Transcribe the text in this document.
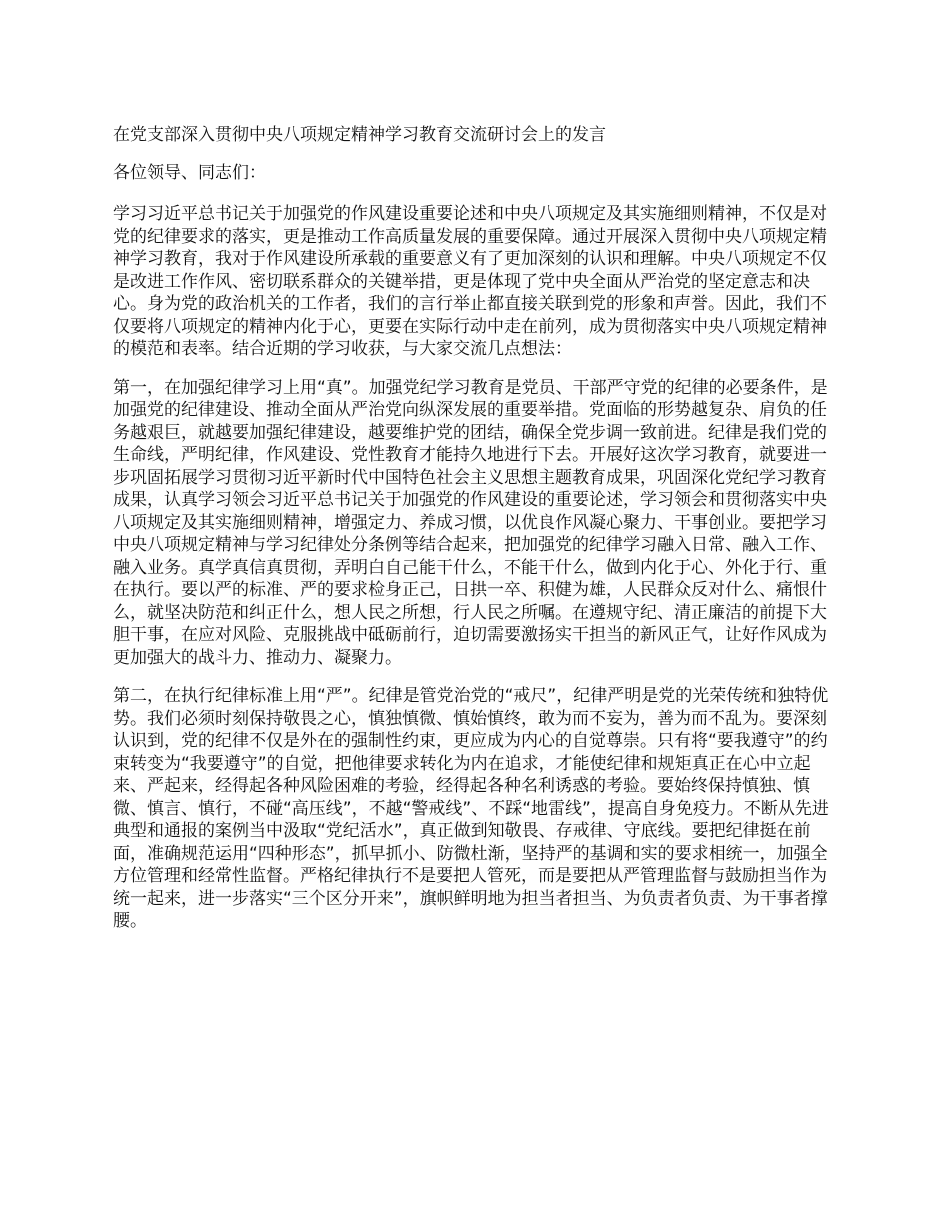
在党支部深入贯彻中央八项规定精神学习教育交流研讨会上的发言
各位领导、同志们：
学习习近平总书记关于加强党的作风建设重要论述和中央八项规定及其实施细则精神，不仅是对党的纪律要求的落实，更是推动工作高质量发展的重要保障。通过开展深入贯彻中央八项规定精神学习教育，我对于作风建设所承载的重要意义有了更加深刻的认识和理解。中央八项规定不仅是改进工作作风、密切联系群众的关键举措，更是体现了党中央全面从严治党的坚定意志和决心。身为党的政治机关的工作者，我们的言行举止都直接关联到党的形象和声誉。因此，我们不仅要将八项规定的精神内化于心，更要在实际行动中走在前列，成为贯彻落实中央八项规定精神的模范和表率。结合近期的学习收获，与大家交流几点想法：
第一，在加强纪律学习上用“真”。加强党纪学习教育是党员、干部严守党的纪律的必要条件，是加强党的纪律建设、推动全面从严治党向纵深发展的重要举措。党面临的形势越复杂、肩负的任务越艰巨，就越要加强纪律建设，越要维护党的团结，确保全党步调一致前进。纪律是我们党的生命线，严明纪律，作风建设、党性教育才能持久地进行下去。开展好这次学习教育，就要进一步巩固拓展学习贯彻习近平新时代中国特色社会主义思想主题教育成果，巩固深化党纪学习教育成果，认真学习领会习近平总书记关于加强党的作风建设的重要论述，学习领会和贯彻落实中央八项规定及其实施细则精神，增强定力、养成习惯，以优良作风凝心聚力、干事创业。要把学习中央八项规定精神与学习纪律处分条例等结合起来，把加强党的纪律学习融入日常、融入工作、融入业务。真学真信真贯彻，弄明白自己能干什么，不能干什么，做到内化于心、外化于行、重在执行。要以严的标准、严的要求检身正己，日拱一卒、积健为雄，人民群众反对什么、痛恨什么，就坚决防范和纠正什么，想人民之所想，行人民之所嘱。在遵规守纪、清正廉洁的前提下大胆干事，在应对风险、克服挑战中砥砺前行，迫切需要激扬实干担当的新风正气，让好作风成为更加强大的战斗力、推动力、凝聚力。
第二，在执行纪律标准上用“严”。纪律是管党治党的“戒尺”，纪律严明是党的光荣传统和独特优势。我们必须时刻保持敬畏之心，慎独慎微、慎始慎终，敢为而不妄为，善为而不乱为。要深刻认识到，党的纪律不仅是外在的强制性约束，更应成为内心的自觉尊崇。只有将“要我遵守”的约束转变为“我要遵守”的自觉，把他律要求转化为内在追求，才能使纪律和规矩真正在心中立起来、严起来，经得起各种风险困难的考验，经得起各种名利诱惑的考验。要始终保持慎独、慎微、慎言、慎行，不碰“高压线”，不越“警戒线”、不踩“地雷线”，提高自身免疫力。不断从先进典型和通报的案例当中汲取“党纪活水”，真正做到知敬畏、存戒律、守底线。要把纪律挺在前面，准确规范运用“四种形态”，抓早抓小、防微杜渐，坚持严的基调和实的要求相统一，加强全方位管理和经常性监督。严格纪律执行不是要把人管死，而是要把从严管理监督与鼓励担当作为统一起来，进一步落实“三个区分开来”，旗帜鲜明地为担当者担当、为负责者负责、为干事者撑腰。
